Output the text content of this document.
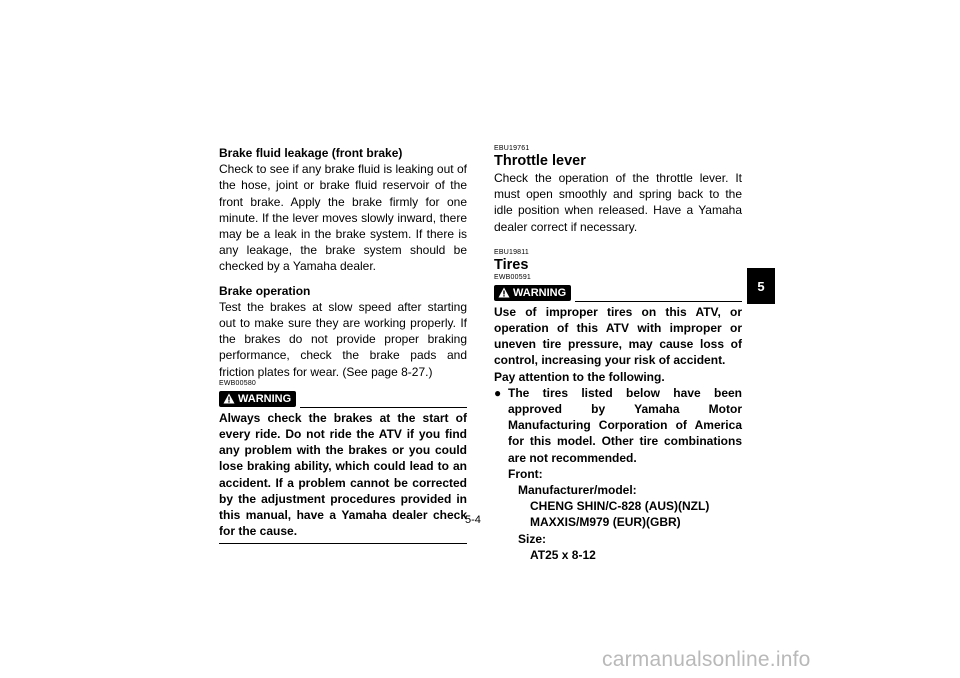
Brake fluid leakage (front brake)

Check to see if any brake fluid is leaking out of the hose, joint or brake fluid reservoir of the front brake. Apply the brake firmly for one minute. If the lever moves slowly inward, there may be a leak in the brake system. If there is any leakage, the brake system should be checked by a Yamaha dealer.

Brake operation

Test the brakes at slow speed after starting out to make sure they are working properly. If the brakes do not provide proper braking performance, check the brake pads and friction plates for wear. (See page 8-27.)

EWB00580

WARNING

Always check the brakes at the start of every ride. Do not ride the ATV if you find any problem with the brakes or you could lose braking ability, which could lead to an accident. If a problem cannot be corrected by the adjustment procedures provided in this manual, have a Yamaha dealer check for the cause.

EBU19761

Throttle lever

Check the operation of the throttle lever. It must open smoothly and spring back to the idle position when released. Have a Yamaha dealer correct if necessary.

EBU19811

Tires

EWB00591

WARNING

Use of improper tires on this ATV, or operation of this ATV with improper or uneven tire pressure, may cause loss of control, increasing your risk of accident.

Pay attention to the following.

● The tires listed below have been approved by Yamaha Motor Manufacturing Corporation of America for this model. Other tire combinations are not recommended.

Front:

Manufacturer/model:

CHENG SHIN/C-828 (AUS)(NZL)

MAXXIS/M979 (EUR)(GBR)

Size:

AT25 x 8-12

5
5-4
carmanualsonline.info
